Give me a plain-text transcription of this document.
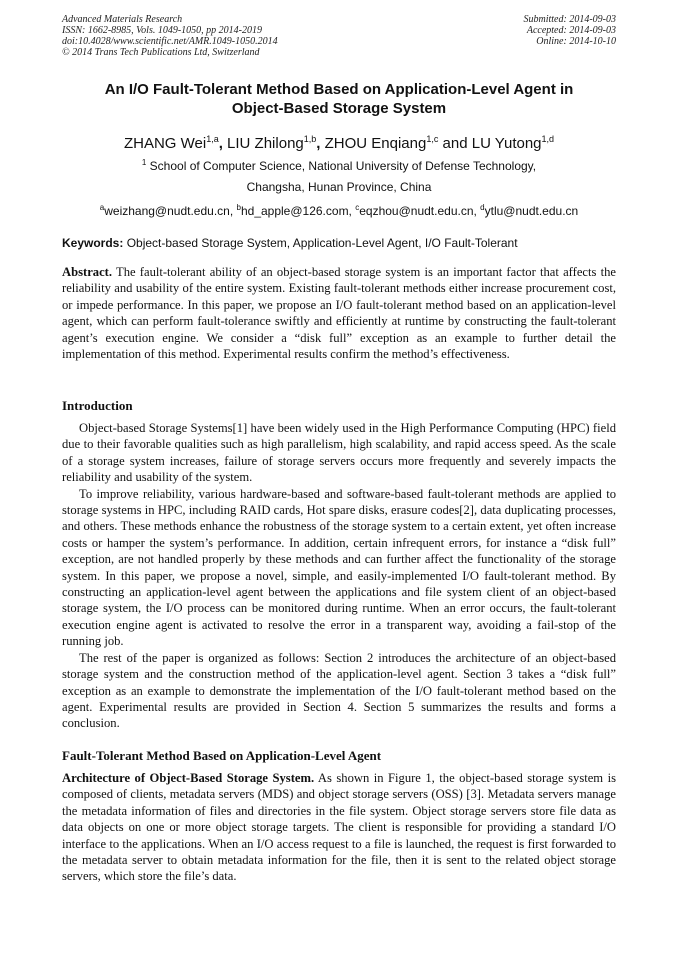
Advanced Materials Research
ISSN: 1662-8985, Vols. 1049-1050, pp 2014-2019
doi:10.4028/www.scientific.net/AMR.1049-1050.2014
© 2014 Trans Tech Publications Ltd, Switzerland
Submitted: 2014-09-03
Accepted: 2014-09-03
Online: 2014-10-10
An I/O Fault-Tolerant Method Based on Application-Level Agent in
Object-Based Storage System
ZHANG Wei$^{1,a}$, LIU Zhilong$^{1,b}$, ZHOU Enqiang$^{1,c}$ and LU Yutong$^{1,d}$
$^1$ School of Computer Science, National University of Defense Technology,
Changsha, Hunan Province, China
$^a$weizhang@nudt.edu.cn, $^b$hd_apple@126.com, $^c$eqzhou@nudt.edu.cn, $^d$ytlu@nudt.edu.cn
Keywords: Object-based Storage System, Application-Level Agent, I/O Fault-Tolerant
Abstract. The fault-tolerant ability of an object-based storage system is an important factor that affects the reliability and usability of the entire system. Existing fault-tolerant methods either increase procurement cost, or impede performance. In this paper, we propose an I/O fault-tolerant method based on an application-level agent, which can perform fault-tolerance swiftly and efficiently at runtime by constructing the fault-tolerant agent’s execution engine. We consider a “disk full” exception as an example to further detail the implementation of this method. Experimental results confirm the method’s effectiveness.
Introduction

Object-based Storage Systems[1] have been widely used in the High Performance Computing (HPC) field due to their favorable qualities such as high parallelism, high scalability, and rapid access speed. As the scale of a storage system increases, failure of storage servers occurs more frequently and severely impacts the reliability and usability of the system.

To improve reliability, various hardware-based and software-based fault-tolerant methods are applied to storage systems in HPC, including RAID cards, Hot spare disks, erasure codes[2], data duplicating processes, and others. These methods enhance the robustness of the storage system to a certain extent, yet often increase costs or hamper the system’s performance. In addition, certain infrequent errors, for instance a “disk full” exception, are not handled properly by these methods and can further affect the functionality of the storage system. In this paper, we propose a novel, simple, and easily-implemented I/O fault-tolerant method. By constructing an application-level agent between the applications and file system client of an object-based storage system, the I/O process can be monitored during runtime. When an error occurs, the fault-tolerant execution engine agent is activated to resolve the error in a transparent way, avoiding a fail-stop of the running job.

The rest of the paper is organized as follows: Section 2 introduces the architecture of an object-based storage system and the construction method of the application-level agent. Section 3 takes a “disk full” exception as an example to demonstrate the implementation of the I/O fault-tolerant method based on the agent. Experimental results are provided in Section 4. Section 5 summarizes the results and forms a conclusion.

Fault-Tolerant Method Based on Application-Level Agent
Architecture of Object-Based Storage System. As shown in Figure 1, the object-based storage system is composed of clients, metadata servers (MDS) and object storage servers (OSS) [3]. Metadata servers manage the metadata information of files and directories in the file system. Object storage servers store file data as data objects on one or more object storage targets. The client is responsible for providing a standard I/O interface to the applications. When an I/O access request to a file is launched, the request is first forwarded to the metadata server to obtain metadata information for the file, then it is sent to the related object storage servers, which store the file’s data.
